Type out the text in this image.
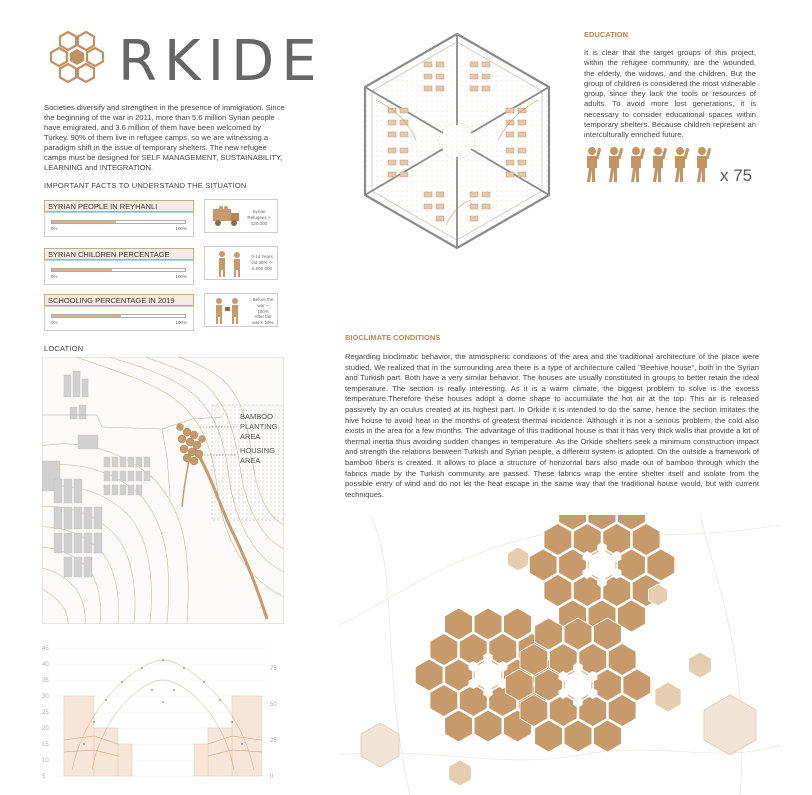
RKIDE
Societies diversify and strengthen in the presence of immigration. Since the beginning of the war in 2011, more than 5.6 million Syrian people have emigrated, and 3.6 million of them have been welcomed by Turkey. 90% of them live in refugee camps, so we are witnessing a paradigm shift in the issue of temporary shelters. The new refugee camps must be designed for SELF MANAGEMENT, SUSTAINABILITY, LEARNING and INTEGRATION.
IMPORTANT FACTS TO UNDERSTAND THE SITUATION
SYRIAN PEOPLE IN REYHANLI
0%	100%
Syrian Refugees > 120.000
SYRIAN CHILDREN PERCENTAGE
0%	100%
0-14 Years old 35% -> 6.000.000
SCHOOLING PERCENTAGE IN 2019
0%	100%
Before the war ~ 100%
After the war < 50%
LOCATION
BAMBOO PLANTING AREA
HOUSING AREA
45
40
35
30
25
20
15
10
5
75
50
25
0
EDUCATION
It is clear that the target groups of this project, within the refugee community, are the wounded, the elderly, the widows, and the children. But the group of children is considered the most vulnerable group, since they lack the tools or resources of adults. To avoid more lost generations, it is necessary to consider educational spaces within temporary shelters. Because children represent an interculturally enriched future.
x 75
BIOCLIMATE CONDITIONS
Regarding bioclimatic behavior, the atmospheric conditions of the area and the traditional architecture of the place were studied. We realized that in the surrounding area there is a type of architecture called "Beehive house", both in the Syrian and Turkish part. Both have a very similar behavior. The houses are usually constituted in groups to better retain the ideal temperature. The section is really interesting. As it is a warm climate, the biggest problem to solve is the excess temperature.Therefore these houses adopt a dome shape to accumulate the hot air at the top. This air is released passively by an oculus created at its highest part. In Orkide it is intended to do the same, hence the section imitates the hive house to avoid heat in the months of greatest thermal incidence. Although it is not a serious problem, the cold also exists in the area for a few months. The advantage of this traditional house is that it has very thick walls that provide a lot of thermal inertia thus avoiding sudden changes in temperature. As the Orkide shelters seek a minimum construction impact and strength the relations between Turkish and Syrian people, a different system is adopted. On the outside a framework of bamboo fibers is created. It allows to place a structure of horizontal bars also made out of bamboo through which the fabrics made by the Turkish community are passed. These fabrics wrap the entire shelter itself and isolate from the possible entry of wind and do not let the heat escape in the same way that the traditional house would, but with current techniques.
